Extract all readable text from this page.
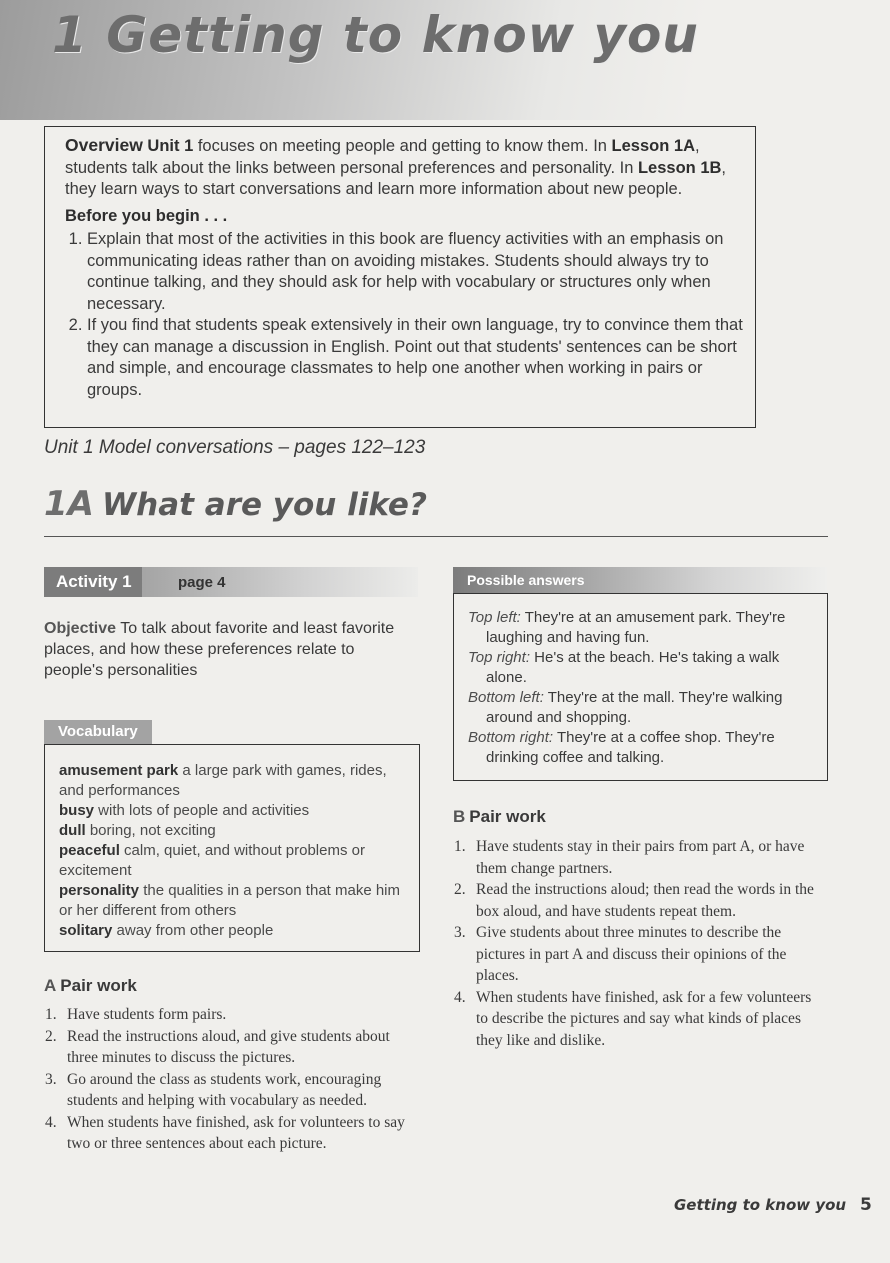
1 Getting to know you

Overview Unit 1 focuses on meeting people and getting to know them. In Lesson 1A, students talk about the links between personal preferences and personality. In Lesson 1B, they learn ways to start conversations and learn more information about new people.

Before you begin . . .

1. Explain that most of the activities in this book are fluency activities with an emphasis on communicating ideas rather than on avoiding mistakes. Students should always try to continue talking, and they should ask for help with vocabulary or structures only when necessary.
2. If you find that students speak extensively in their own language, try to convince them that they can manage a discussion in English. Point out that students' sentences can be short and simple, and encourage classmates to help one another when working in pairs or groups.
Unit 1 Model conversations – pages 122–123
1A What are you like?
Activity 1	page 4
Objective To talk about favorite and least favorite places, and how these preferences relate to people's personalities
Vocabulary

amusement park a large park with games, rides, and performances

busy with lots of people and activities

dull boring, not exciting

peaceful calm, quiet, and without problems or excitement

personality the qualities in a person that make him or her different from others

solitary away from other people

A Pair work
1. Have students form pairs.
2. Read the instructions aloud, and give students about three minutes to discuss the pictures.
3. Go around the class as students work, encouraging students and helping with vocabulary as needed.
4. When students have finished, ask for volunteers to say two or three sentences about each picture.
Possible answers

Top left: They're at an amusement park. They're laughing and having fun.

Top right: He's at the beach. He's taking a walk alone.

Bottom left: They're at the mall. They're walking around and shopping.

Bottom right: They're at a coffee shop. They're drinking coffee and talking.

B Pair work
1. Have students stay in their pairs from part A, or have them change partners.
2. Read the instructions aloud; then read the words in the box aloud, and have students repeat them.
3. Give students about three minutes to describe the pictures in part A and discuss their opinions of the places.
4. When students have finished, ask for a few volunteers to describe the pictures and say what kinds of places they like and dislike.
Getting to know you 5
